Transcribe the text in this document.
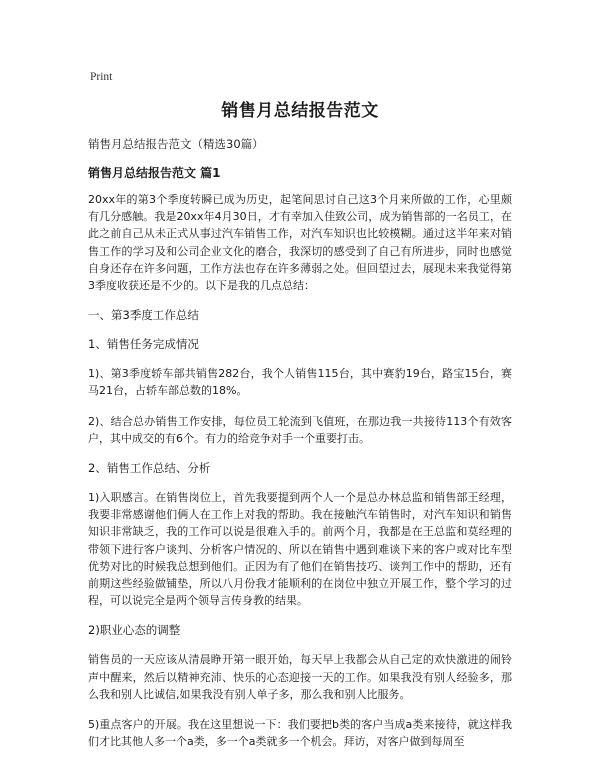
Print
销售月总结报告范文
销售月总结报告范文（精选30篇）
销售月总结报告范文 篇1
20xx年的第3个季度转瞬已成为历史，起笔间思讨自己这3个月来所做的工作，心里颇有几分感触。我是20xx年4月30日，才有幸加入佳致公司，成为销售部的一名员工，在此之前自己从未正式从事过汽车销售工作，对汽车知识也比较模糊。通过这半年来对销售工作的学习及和公司企业文化的磨合，我深切的感受到了自己有所进步，同时也感觉自身还存在许多问题，工作方法也存在许多薄弱之处。但回望过去，展现未来我觉得第3季度收获还是不少的。以下是我的几点总结：
一、第3季度工作总结
1、销售任务完成情况
1)、第3季度轿车部共销售282台，我个人销售115台，其中赛豹19台，路宝15台，赛马21台，占轿车部总数的18%。
2)、结合总办销售工作安排，每位员工轮流到飞值班，在那边我一共接待113个有效客户，其中成交的有6个。有力的给竞争对手一个重要打击。
2、销售工作总结、分析
1)入职感言。在销售岗位上，首先我要提到两个人一个是总办林总监和销售部王经理，我要非常感谢他们俩人在工作上对我的帮助。我在接触汽车销售时，对汽车知识和销售知识非常缺乏，我的工作可以说是很难入手的。前两个月，我都是在王总监和莫经理的带领下进行客户谈判、分析客户情况的、所以在销售中遇到难谈下来的客户或对比车型优势对比的时候我总想到他们。正因为有了他们在销售技巧、谈判工作中的帮助，还有前期这些经验做铺垫，所以八月份我才能顺利的在岗位中独立开展工作，整个学习的过程，可以说完全是两个领导言传身教的结果。
2)职业心态的调整
销售员的一天应该从清晨睁开第一眼开始，每天早上我都会从自己定的欢快激进的闹铃声中醒来，然后以精神充沛、快乐的心态迎接一天的工作。如果我没有别人经验多，那么我和别人比诚信,如果我没有别人单子多，那么我和别人比服务。
5)重点客户的开展。我在这里想说一下：我们要把b类的客户当成a类来接待，就这样我们才比其他人多一个a类，多一个a类就多一个机会。拜访，对客户做到每周至
